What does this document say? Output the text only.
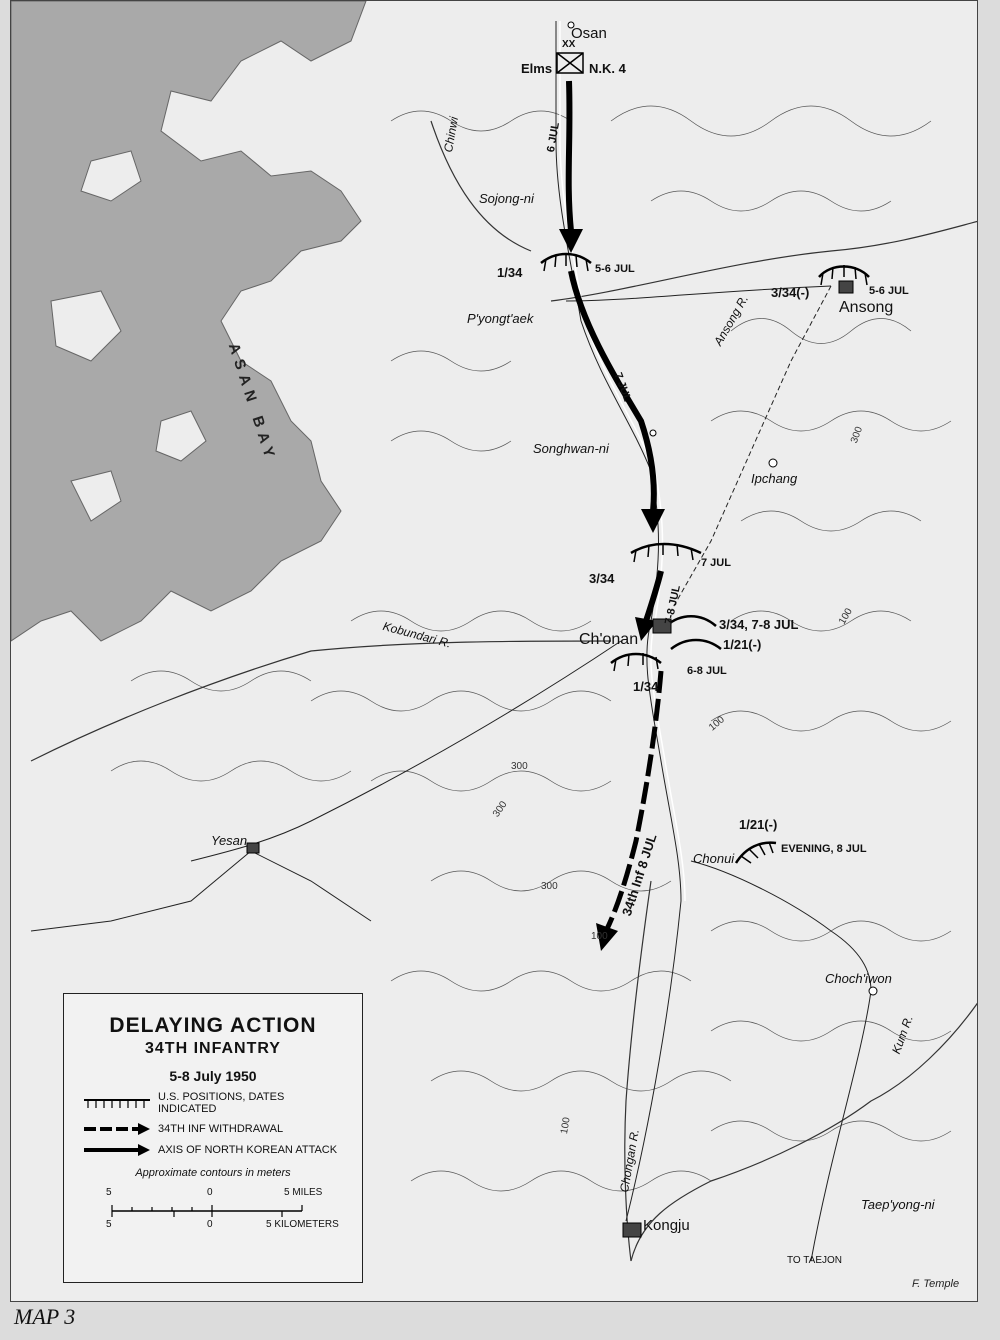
Osan
Sojong-ni
P'yongt'aek
Ansong
Songhwan-ni
Ipchang
Ch'onan
Chonui
Yesan
Choch'iwon
Taep'yong-ni
Kongju
Elms	N.K. 4
XX
1/34	5-6 JUL
3/34(-)	5-6 JUL
3/34
7 JUL
3/34, 7-8 JUL
1/21(-)
6-8 JUL
1/34
1/21(-)
EVENING, 8 JUL
6 JUL
7 JUL
7-8 JUL
34th Inf 8 JUL
Chinwi
Ansong R.
Kobundari R.
Chongan R.
Kum R.
ASAN BAY
TO TAEJON
300
100
300
300
100
100
100
300
DELAYING ACTION
34TH INFANTRY
5-8 July 1950
U.S. POSITIONS, DATES INDICATED
34TH INF WITHDRAWAL
AXIS OF NORTH KOREAN ATTACK
Approximate contours in meters
5	0	5 MILES
5	0	5 KILOMETERS
F. Temple
MAP 3
